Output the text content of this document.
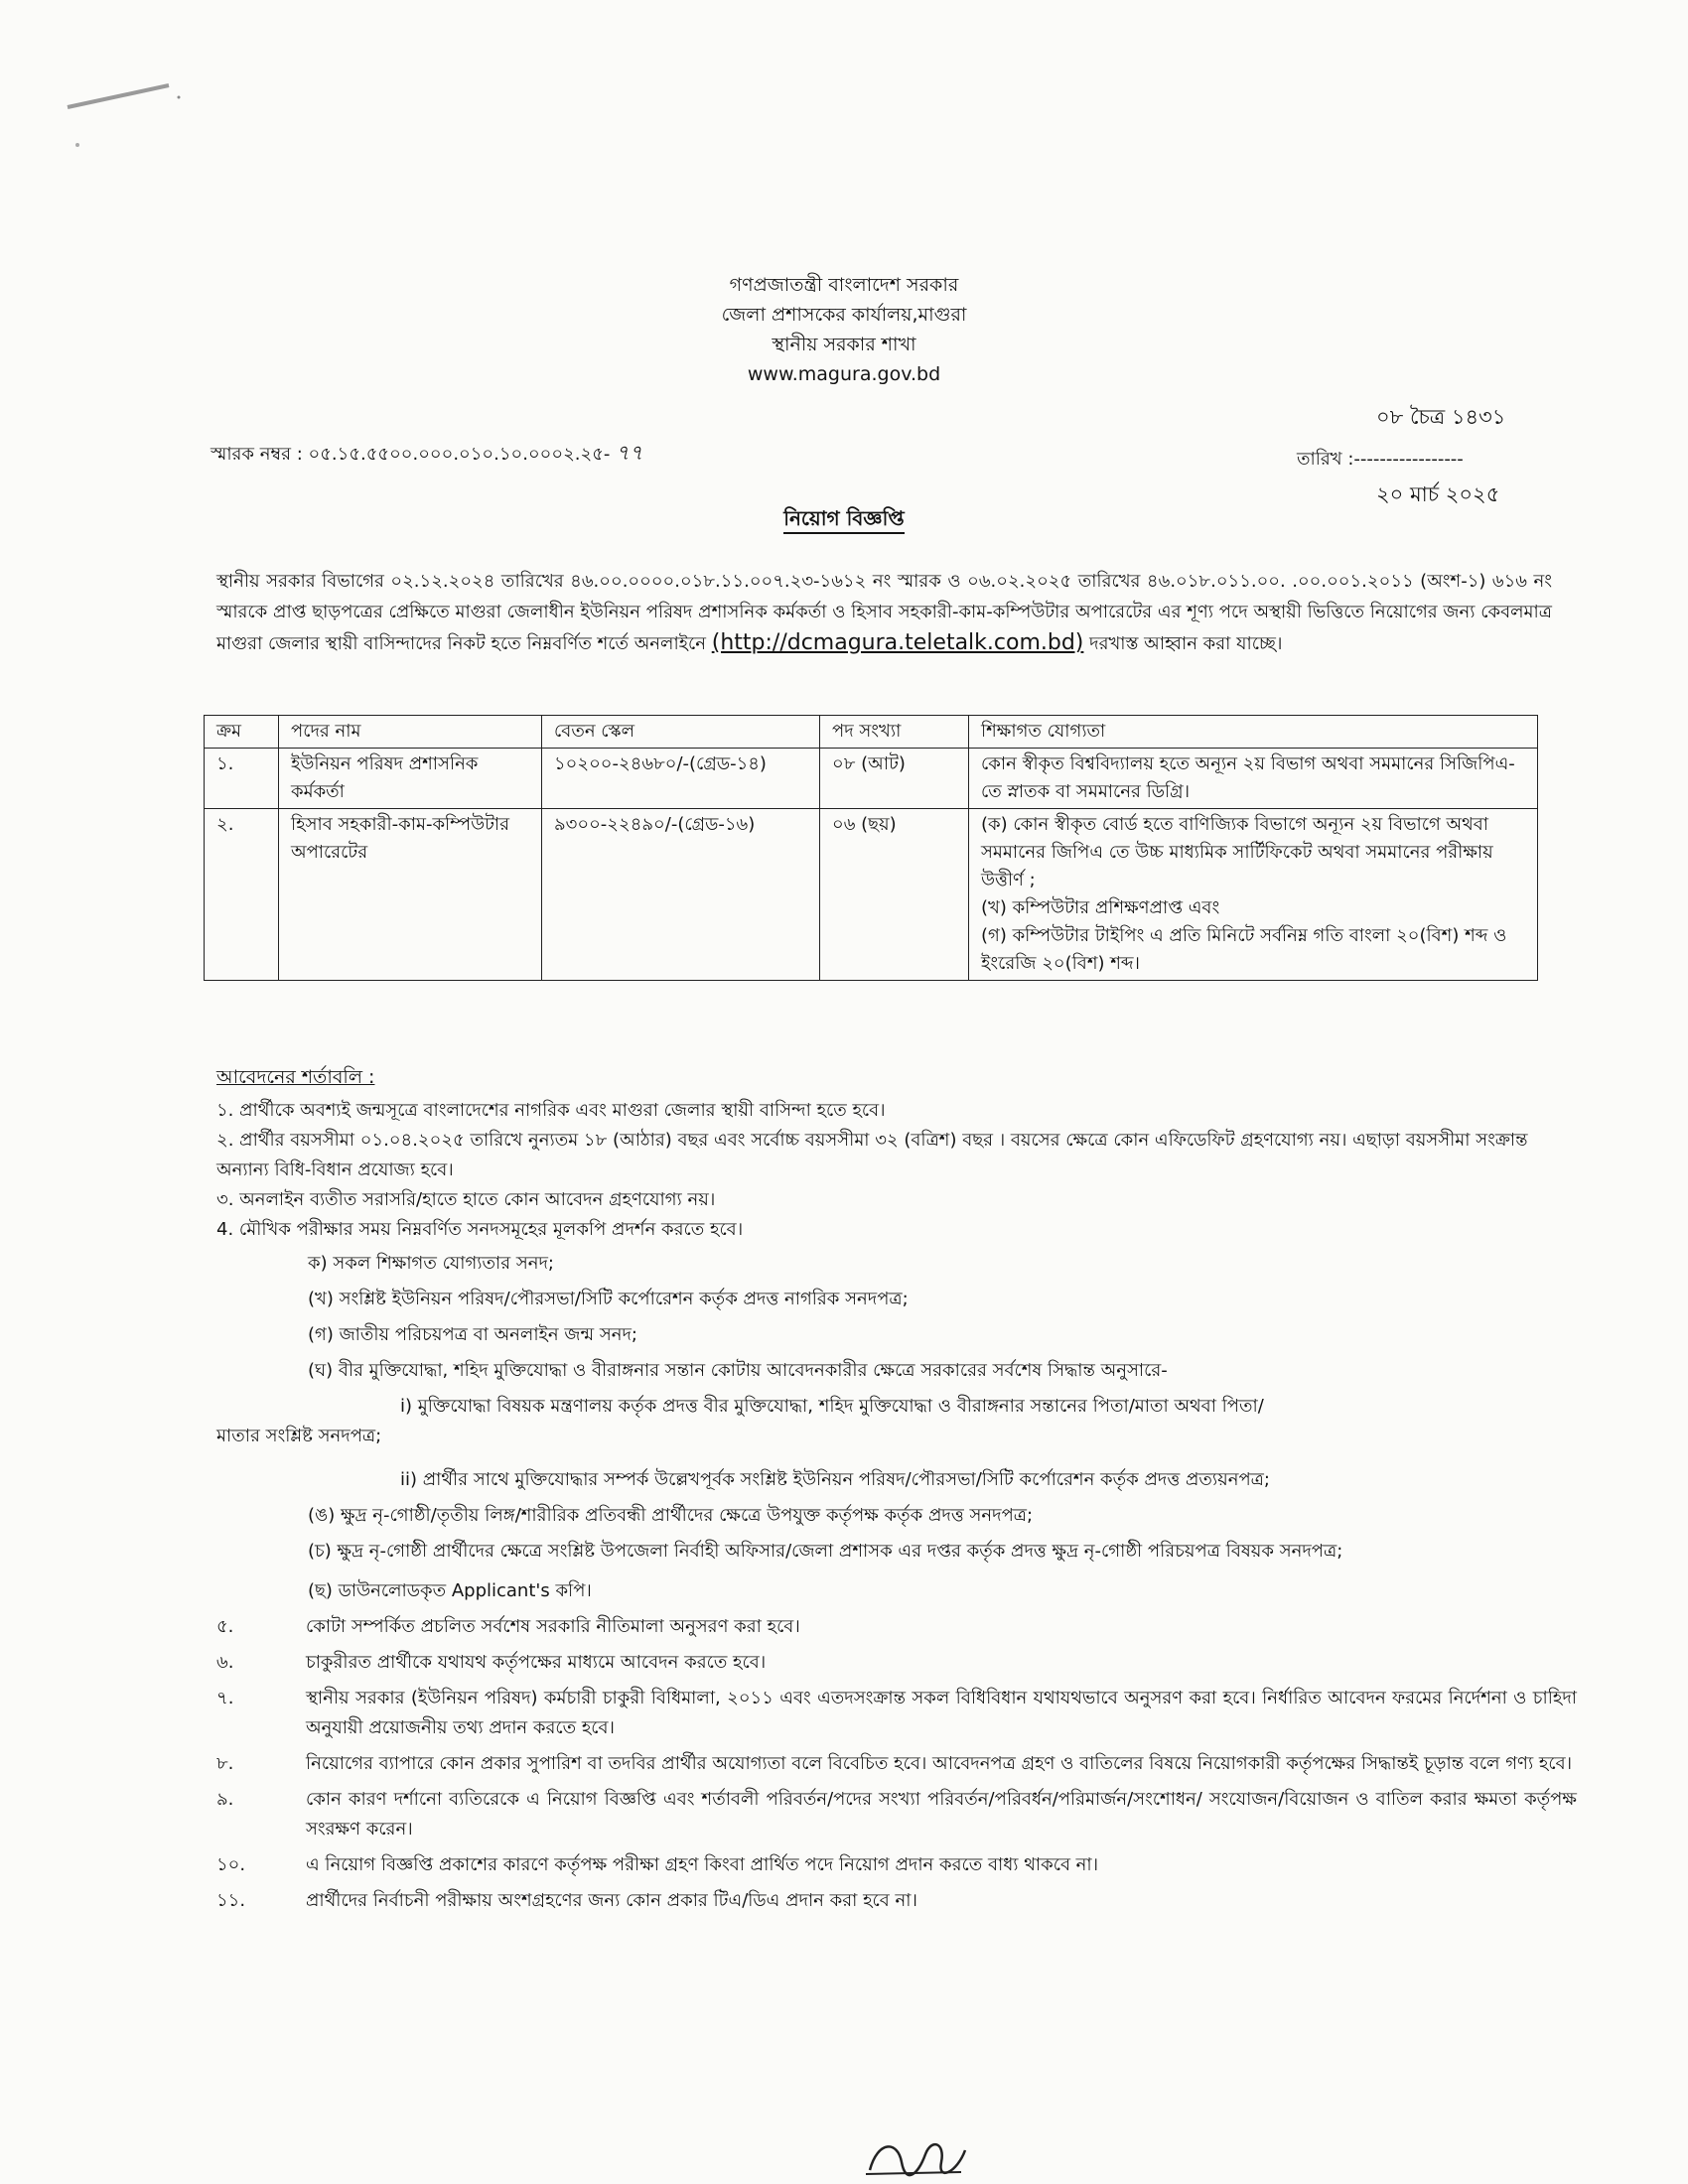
গণপ্রজাতন্ত্রী বাংলাদেশ সরকার
জেলা প্রশাসকের কার্যালয়,মাগুরা
স্থানীয় সরকার শাখা
www.magura.gov.bd
স্মারক নম্বর : ০৫.১৫.৫৫০০.০০০.০১০.১০.০০০২.২৫- ৭৭
০৮ চৈত্র ১৪৩১
তারিখ :-----------------
২০ মার্চ ২০২৫
নিয়োগ বিজ্ঞপ্তি
স্থানীয় সরকার বিভাগের ০২.১২.২০২৪ তারিখের ৪৬.০০.০০০০.০১৮.১১.০০৭.২৩-১৬১২ নং স্মারক ও ০৬.০২.২০২৫ তারিখের ৪৬.০১৮.০১১.০০. .০০.০০১.২০১১ (অংশ-১) ৬১৬ নং স্মারকে প্রাপ্ত ছাড়পত্রের প্রেক্ষিতে মাগুরা জেলাধীন ইউনিয়ন পরিষদ প্রশাসনিক কর্মকর্তা ও হিসাব সহকারী-কাম-কম্পিউটার অপারেটের এর শূণ্য পদে অস্থায়ী ভিত্তিতে নিয়োগের জন্য কেবলমাত্র মাগুরা জেলার স্থায়ী বাসিন্দাদের নিকট হতে নিম্নবর্ণিত শর্তে অনলাইনে (http://dcmagura.teletalk.com.bd) দরখাস্ত আহ্বান করা যাচ্ছে।
ক্রম	পদের নাম	বেতন স্কেল	পদ সংখ্যা	শিক্ষাগত যোগ্যতা
১.	ইউনিয়ন পরিষদ প্রশাসনিক কর্মকর্তা	১০২০০-২৪৬৮০/-(গ্রেড-১৪)	০৮ (আট)	কোন স্বীকৃত বিশ্ববিদ্যালয় হতে অন্যূন ২য় বিভাগ অথবা সমমানের সিজিপিএ-তে স্নাতক বা সমমানের ডিগ্রি।

২.	হিসাব সহকারী-কাম-কম্পিউটার অপারেটের	৯৩০০-২২৪৯০/-(গ্রেড-১৬)	০৬ (ছয়)	(ক) কোন স্বীকৃত বোর্ড হতে বাণিজ্যিক বিভাগে অন্যূন ২য় বিভাগে অথবা সমমানের জিপিএ তে উচ্চ মাধ্যমিক সার্টিফিকেট অথবা সমমানের পরীক্ষায় উত্তীর্ণ ;
(খ) কম্পিউটার প্রশিক্ষণপ্রাপ্ত এবং
(গ) কম্পিউটার টাইপিং এ প্রতি মিনিটে সর্বনিম্ন গতি বাংলা ২০(বিশ) শব্দ ও ইংরেজি ২০(বিশ) শব্দ।
আবেদনের শর্তাবলি :
১. প্রার্থীকে অবশ্যই জন্মসূত্রে বাংলাদেশের নাগরিক এবং মাগুরা জেলার স্থায়ী বাসিন্দা হতে হবে।
২. প্রার্থীর বয়সসীমা ০১.০৪.২০২৫ তারিখে নুন্যতম ১৮ (আঠার) বছর এবং সর্বোচ্চ বয়সসীমা ৩২ (বত্রিশ) বছর । বয়সের ক্ষেত্রে কোন এফিডেফিট গ্রহণযোগ্য নয়। এছাড়া বয়সসীমা সংক্রান্ত অন্যান্য বিধি-বিধান প্রযোজ্য হবে।
৩. অনলাইন ব্যতীত সরাসরি/হাতে হাতে কোন আবেদন গ্রহণযোগ্য নয়।
4. মৌখিক পরীক্ষার সময় নিম্নবর্ণিত সনদসমূহের মূলকপি প্রদর্শন করতে হবে।
ক) সকল শিক্ষাগত যোগ্যতার সনদ;
(খ) সংশ্লিষ্ট ইউনিয়ন পরিষদ/পৌরসভা/সিটি কর্পোরেশন কর্তৃক প্রদত্ত নাগরিক সনদপত্র;
(গ) জাতীয় পরিচয়পত্র বা অনলাইন জন্ম সনদ;
(ঘ) বীর মুক্তিযোদ্ধা, শহিদ মুক্তিযোদ্ধা ও বীরাঙ্গনার সন্তান কোটায় আবেদনকারীর ক্ষেত্রে সরকারের সর্বশেষ সিদ্ধান্ত অনুসারে-
i) মুক্তিযোদ্ধা বিষয়ক মন্ত্রণালয় কর্তৃক প্রদত্ত বীর মুক্তিযোদ্ধা, শহিদ মুক্তিযোদ্ধা ও বীরাঙ্গনার সন্তানের পিতা/মাতা অথবা পিতা/
মাতার সংশ্লিষ্ট সনদপত্র;
ii) প্রার্থীর সাথে মুক্তিযোদ্ধার সম্পর্ক উল্লেখপূর্বক সংশ্লিষ্ট ইউনিয়ন পরিষদ/পৌরসভা/সিটি কর্পোরেশন কর্তৃক প্রদত্ত প্রত্যয়নপত্র;
(ঙ) ক্ষুদ্র নৃ-গোষ্ঠী/তৃতীয় লিঙ্গ/শারীরিক প্রতিবন্ধী প্রার্থীদের ক্ষেত্রে উপযুক্ত কর্তৃপক্ষ কর্তৃক প্রদত্ত সনদপত্র;
(চ) ক্ষুদ্র নৃ-গোষ্ঠী প্রার্থীদের ক্ষেত্রে সংশ্লিষ্ট উপজেলা নির্বাহী অফিসার/জেলা প্রশাসক এর দপ্তর কর্তৃক প্রদত্ত ক্ষুদ্র নৃ-গোষ্ঠী পরিচয়পত্র বিষয়ক সনদপত্র;
(ছ) ডাউনলোডকৃত Applicant's কপি।
৫.	কোটা সম্পর্কিত প্রচলিত সর্বশেষ সরকারি নীতিমালা অনুসরণ করা হবে।
৬.	চাকুরীরত প্রার্থীকে যথাযথ কর্তৃপক্ষের মাধ্যমে আবেদন করতে হবে।
৭.	স্থানীয় সরকার (ইউনিয়ন পরিষদ) কর্মচারী চাকুরী বিধিমালা, ২০১১ এবং এতদসংক্রান্ত সকল বিধিবিধান যথাযথভাবে অনুসরণ করা হবে। নির্ধারিত আবেদন ফরমের নির্দেশনা ও চাহিদা অনুযায়ী প্রয়োজনীয় তথ্য প্রদান করতে হবে।
৮.	নিয়োগের ব্যাপারে কোন প্রকার সুপারিশ বা তদবির প্রার্থীর অযোগ্যতা বলে বিবেচিত হবে। আবেদনপত্র গ্রহণ ও বাতিলের বিষয়ে নিয়োগকারী কর্তৃপক্ষের সিদ্ধান্তই চূড়ান্ত বলে গণ্য হবে।
৯.	কোন কারণ দর্শানো ব্যতিরেকে এ নিয়োগ বিজ্ঞপ্তি এবং শর্তাবলী পরিবর্তন/পদের সংখ্যা পরিবর্তন/পরিবর্ধন/পরিমার্জন/সংশোধন/ সংযোজন/বিয়োজন ও বাতিল করার ক্ষমতা কর্তৃপক্ষ সংরক্ষণ করেন।
১০.	এ নিয়োগ বিজ্ঞপ্তি প্রকাশের কারণে কর্তৃপক্ষ পরীক্ষা গ্রহণ কিংবা প্রার্থিত পদে নিয়োগ প্রদান করতে বাধ্য থাকবে না।
১১.	প্রার্থীদের নির্বাচনী পরীক্ষায় অংশগ্রহণের জন্য কোন প্রকার টিএ/ডিএ প্রদান করা হবে না।
